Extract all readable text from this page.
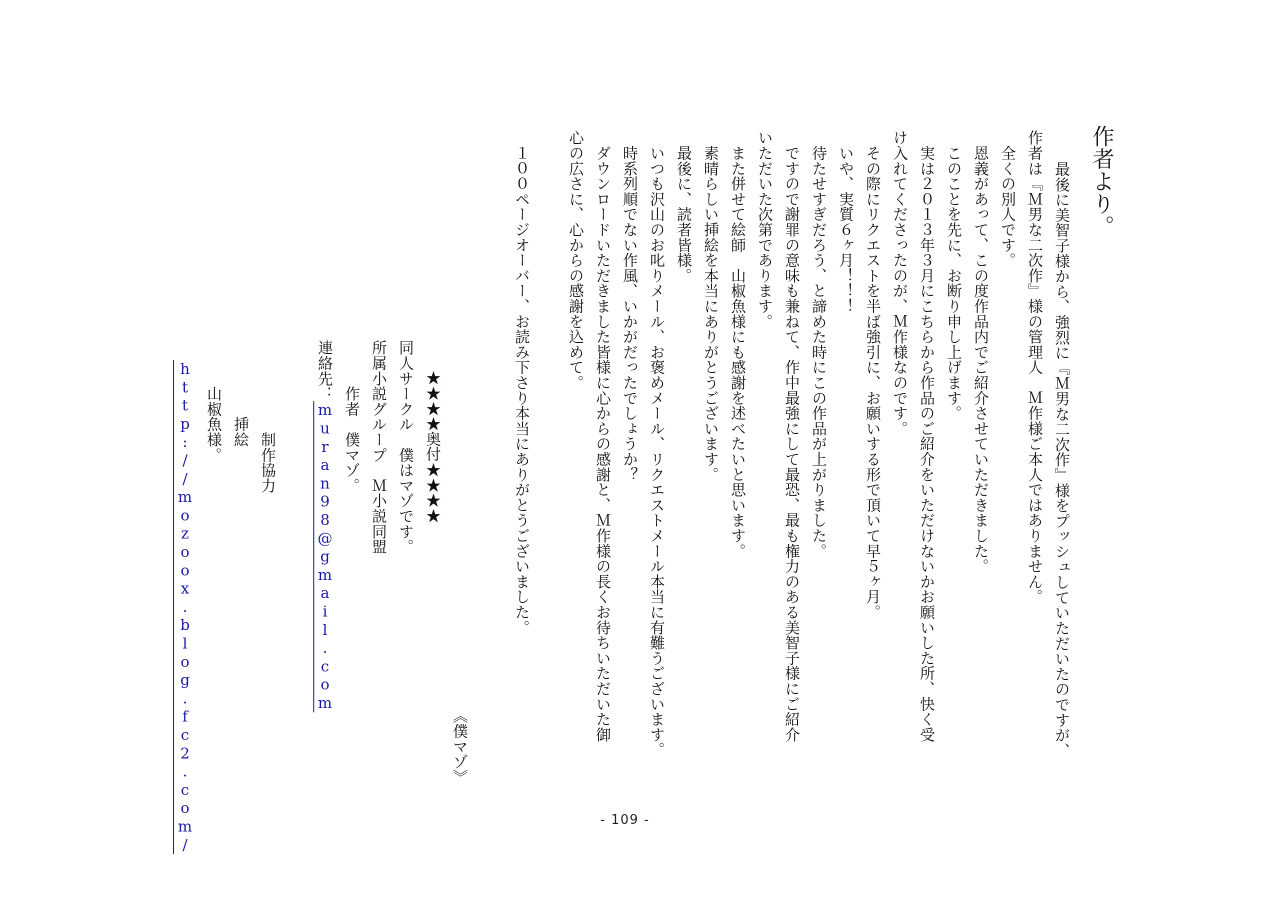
作者より。
　最後に美智子様から、強烈に『Ｍ男な二次作』様をプッシュしていただいたのですが、
作者は『Ｍ男な二次作』様の管理人　Ｍ作様ご本人ではありません。
　全くの別人です。
　恩義があって、この度作品内でご紹介させていただきました。
　このことを先に、お断り申し上げます。
　実は２０１３年３月にこちらから作品のご紹介をいただけないかお願いした所、快く受
け入れてくださったのが、Ｍ作様なのです。
　その際にリクエストを半ば強引に、お願いする形で頂いて早５ヶ月。
　いや、実質６ヶ月！！！
　待たせすぎだろう、と諦めた時にこの作品が上がりました。
　ですので謝罪の意味も兼ねて、作中最強にして最恐、最も権力のある美智子様にご紹介
いただいた次第であります。
　また併せて絵師　山椒魚様にも感謝を述べたいと思います。
　素晴らしい挿絵を本当にありがとうございます。
　最後に、読者皆様。
　いつも沢山のお叱りメール、お褒めメール、リクエストメール本当に有難うございます。
　時系列順でない作風、いかがだったでしょうか？
　ダウンロードいただきました皆様に心からの感謝と、Ｍ作様の長くお待ちいただいた御
心の広さに、心からの感謝を込めて。
　１００ページオーバー、お読み下さり本当にありがとうございました。
《僕マゾ》
★★★★奥付★★★★
同人サークル　僕はマゾです。
所属小説グループ　Ｍ小説同盟
　　　作者　僕マゾ。
連絡先：muran98@gmail.com
　　　　　　制作協力
　　　　　挿絵
　　　山椒魚様。
http://mozoox.blog.fc2.com/	- 109 -
